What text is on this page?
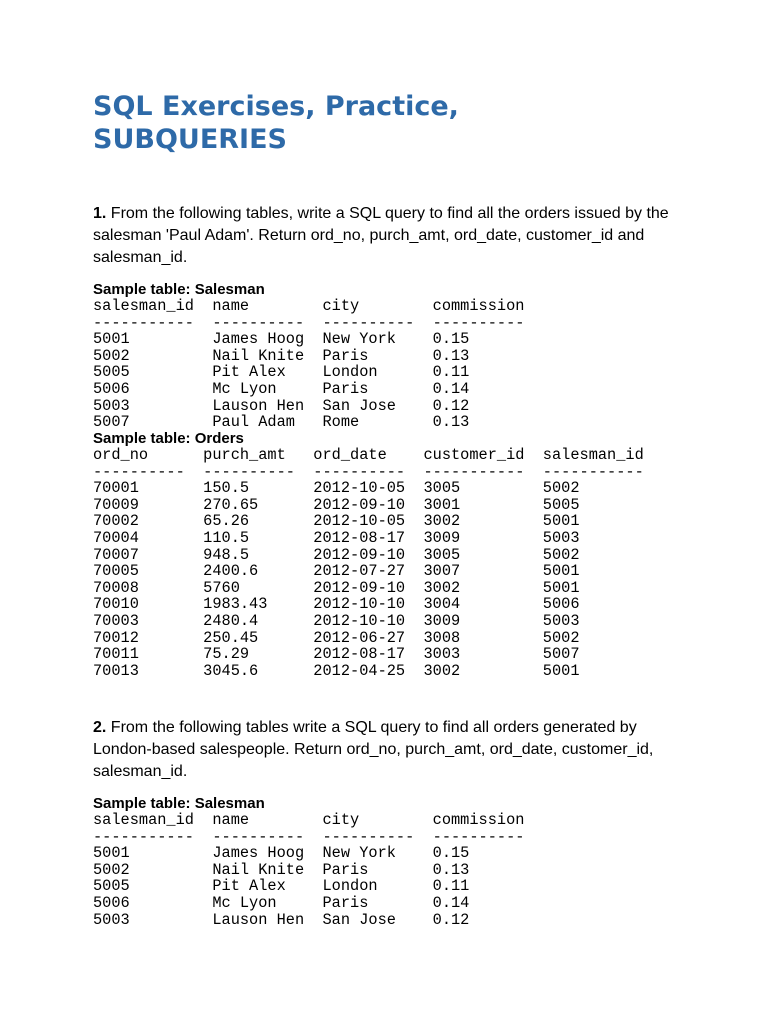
SQL Exercises, Practice,
SUBQUERIES

1. From the following tables, write a SQL query to find all the orders issued by the salesman 'Paul Adam'. Return ord_no, purch_amt, ord_date, customer_id and salesman_id.

Sample table: Salesman
salesman_id  name        city        commission
-----------  ----------  ----------  ----------
5001         James Hoog  New York    0.15
5002         Nail Knite  Paris       0.13
5005         Pit Alex    London      0.11
5006         Mc Lyon     Paris       0.14
5003         Lauson Hen  San Jose    0.12
5007         Paul Adam   Rome        0.13
Sample table: Orders
ord_no      purch_amt   ord_date    customer_id  salesman_id
----------  ----------  ----------  -----------  -----------
70001       150.5       2012-10-05  3005         5002
70009       270.65      2012-09-10  3001         5005
70002       65.26       2012-10-05  3002         5001
70004       110.5       2012-08-17  3009         5003
70007       948.5       2012-09-10  3005         5002
70005       2400.6      2012-07-27  3007         5001
70008       5760        2012-09-10  3002         5001
70010       1983.43     2012-10-10  3004         5006
70003       2480.4      2012-10-10  3009         5003
70012       250.45      2012-06-27  3008         5002
70011       75.29       2012-08-17  3003         5007
70013       3045.6      2012-04-25  3002         5001

2. From the following tables write a SQL query to find all orders generated by London-based salespeople. Return ord_no, purch_amt, ord_date, customer_id, salesman_id.

Sample table: Salesman
salesman_id  name        city        commission
-----------  ----------  ----------  ----------
5001         James Hoog  New York    0.15
5002         Nail Knite  Paris       0.13
5005         Pit Alex    London      0.11
5006         Mc Lyon     Paris       0.14
5003         Lauson Hen  San Jose    0.12
